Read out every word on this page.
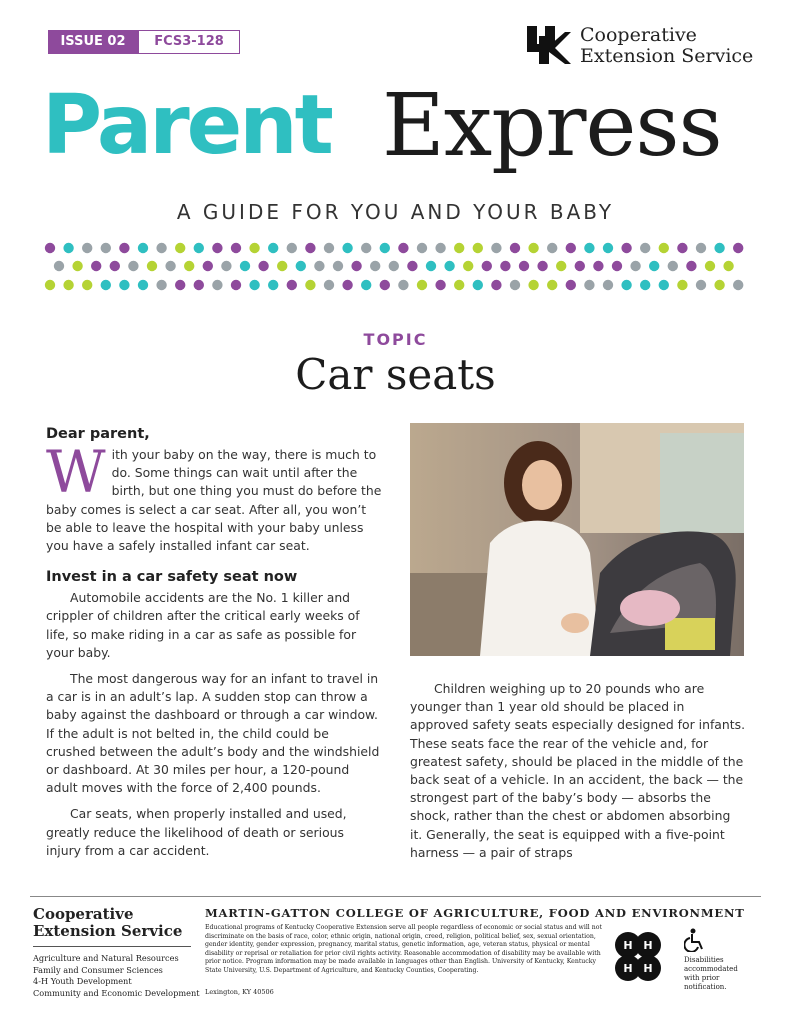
ISSUE 02	FCS3-128	Cooperative
Extension Service
Parent Express
A GUIDE FOR YOU AND YOUR BABY
TOPIC
Car seats
Dear parent,

With your baby on the way, there is much to do. Some things can wait until after the birth, but one thing you must do before the baby comes is select a car seat. After all, you won’t be able to leave the hospital with your baby unless you have a safely installed infant car seat.

Invest in a car safety seat now

Automobile accidents are the No. 1 killer and crippler of children after the critical early weeks of life, so make riding in a car as safe as possible for your baby.

The most dangerous way for an infant to travel in a car is in an adult’s lap. A sudden stop can throw a baby against the dashboard or through a car window. If the adult is not belted in, the child could be crushed between the adult’s body and the windshield or dashboard. At 30 miles per hour, a 120-pound adult moves with the force of 2,400 pounds.

Car seats, when properly installed and used, greatly reduce the likelihood of death or serious injury from a car accident.

Children weighing up to 20 pounds who are younger than 1 year old should be placed in approved safety seats especially designed for infants. These seats face the rear of the vehicle and, for greatest safety, should be placed in the middle of the back seat of a vehicle. In an accident, the back — the strongest part of the baby’s body — absorbs the shock, rather than the chest or abdomen absorbing it. Generally, the seat is equipped with a five-point harness — a pair of straps

Cooperative
Extension Service
Agriculture and Natural Resources
Family and Consumer Sciences
4-H Youth Development
Community and Economic Development
MARTIN-GATTON COLLEGE OF AGRICULTURE, FOOD AND ENVIRONMENT
Educational programs of Kentucky Cooperative Extension serve all people regardless of economic or social status and will not discriminate on the basis of race, color, ethnic origin, national origin, creed, religion, political belief, sex, sexual orientation, gender identity, gender expression, pregnancy, marital status, genetic information, age, veteran status, physical or mental disability or reprisal or retaliation for prior civil rights activity. Reasonable accommodation of disability may be available with prior notice. Program information may be made available in languages other than English. University of Kentucky, Kentucky State University, U.S. Department of Agriculture, and Kentucky Counties, Cooperating.
Lexington, KY 40506
H H
H H
Disabilities
accommodated
with prior notification.
